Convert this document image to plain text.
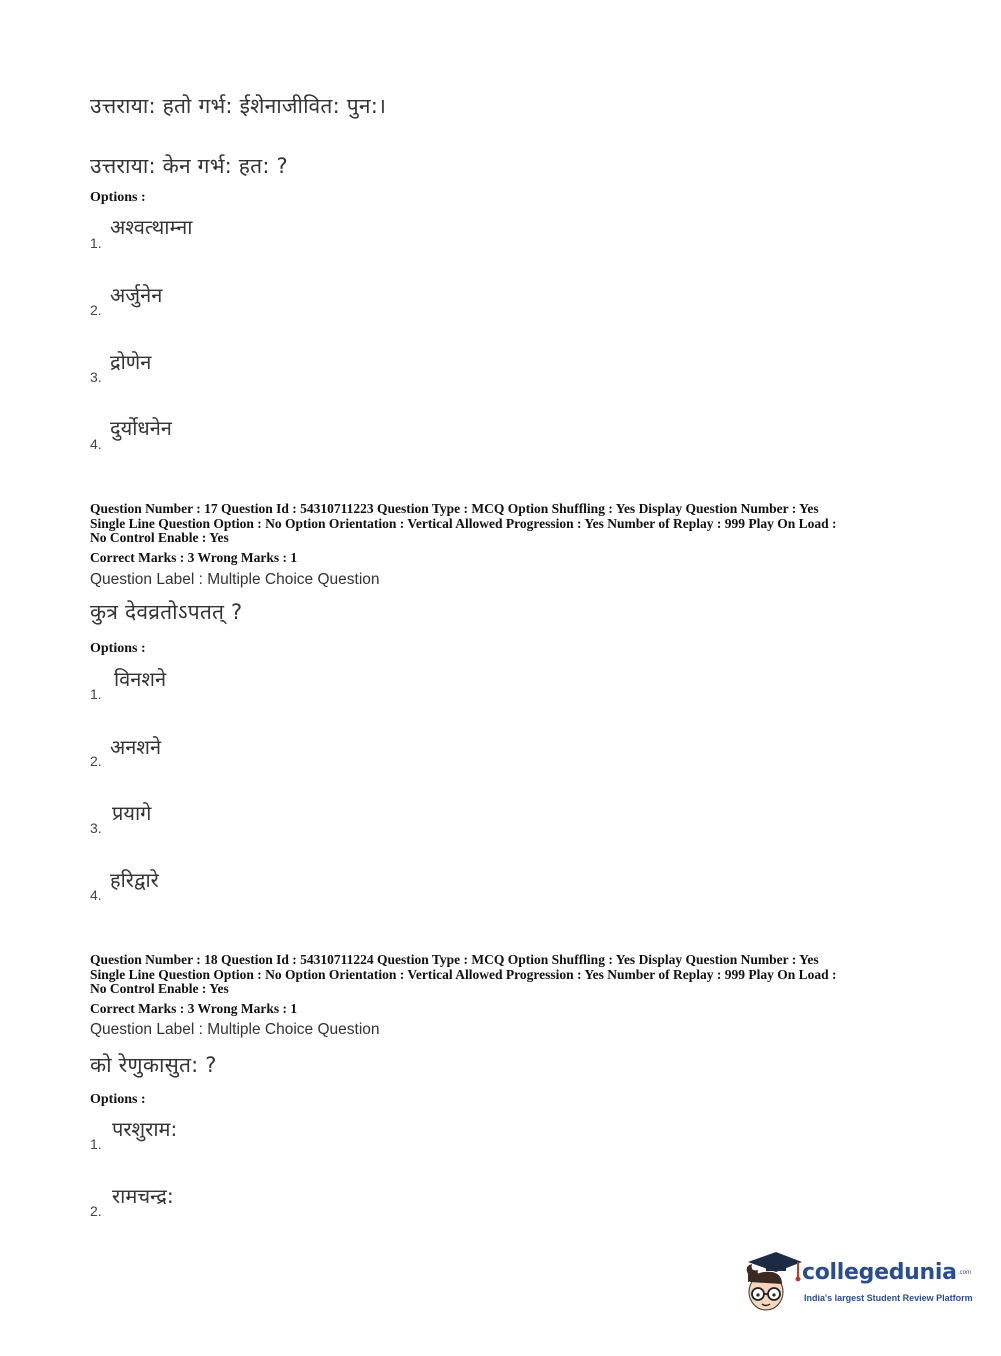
उत्तराया: हतो गर्भ: ईशेनाजीवित: पुन:।
उत्तराया: केन गर्भ: हत: ?
Options :
1.
अश्वत्थाम्ना
2.
अर्जुनेन
3.
द्रोणेन
4.
दुर्योधनेन
Question Number : 17 Question Id : 54310711223 Question Type : MCQ Option Shuffling : Yes Display Question Number : Yes
Single Line Question Option : No Option Orientation : Vertical Allowed Progression : Yes Number of Replay : 999 Play On Load :
No Control Enable : Yes
Correct Marks : 3 Wrong Marks : 1
Question Label : Multiple Choice Question
कुत्र देवव्रतोऽपतत् ?
Options :
1.
विनशने
2.
अनशने
3.
प्रयागे
4.
हरिद्वारे
Question Number : 18 Question Id : 54310711224 Question Type : MCQ Option Shuffling : Yes Display Question Number : Yes
Single Line Question Option : No Option Orientation : Vertical Allowed Progression : Yes Number of Replay : 999 Play On Load :
No Control Enable : Yes
Correct Marks : 3 Wrong Marks : 1
Question Label : Multiple Choice Question
को रेणुकासुत: ?
Options :
1.
परशुराम:
2.
रामचन्द्र:
collegedunia .com
India's largest Student Review Platform
